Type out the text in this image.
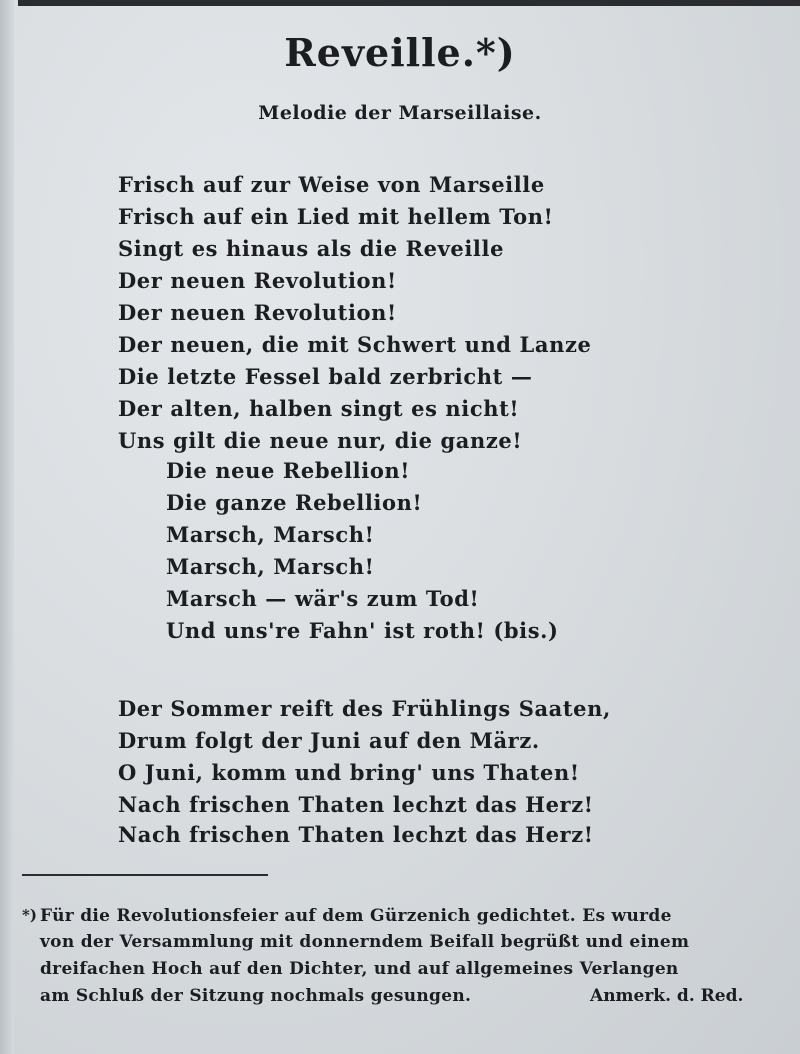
Reveille.*)
Melodie der Marseillaise.
Frisch auf zur Weise von Marseille
Frisch auf ein Lied mit hellem Ton!
Singt es hinaus als die Reveille
Der neuen Revolution!
Der neuen Revolution!
Der neuen, die mit Schwert und Lanze
Die letzte Fessel bald zerbricht —
Der alten, halben singt es nicht!
Uns gilt die neue nur, die ganze!
Die neue Rebellion!
Die ganze Rebellion!
Marsch, Marsch!
Marsch, Marsch!
Marsch — wär's zum Tod!
Und uns're Fahn' ist roth! (bis.)
Der Sommer reift des Frühlings Saaten,
Drum folgt der Juni auf den März.
O Juni, komm und bring' uns Thaten!
Nach frischen Thaten lechzt das Herz!
Nach frischen Thaten lechzt das Herz!
*) Für die Revolutionsfeier auf dem Gürzenich gedichtet. Es wurde
von der Versammlung mit donnerndem Beifall begrüßt und einem
dreifachen Hoch auf den Dichter, und auf allgemeines Verlangen
am Schluß der Sitzung nochmals gesungen.	Anmerk. d. Red.
